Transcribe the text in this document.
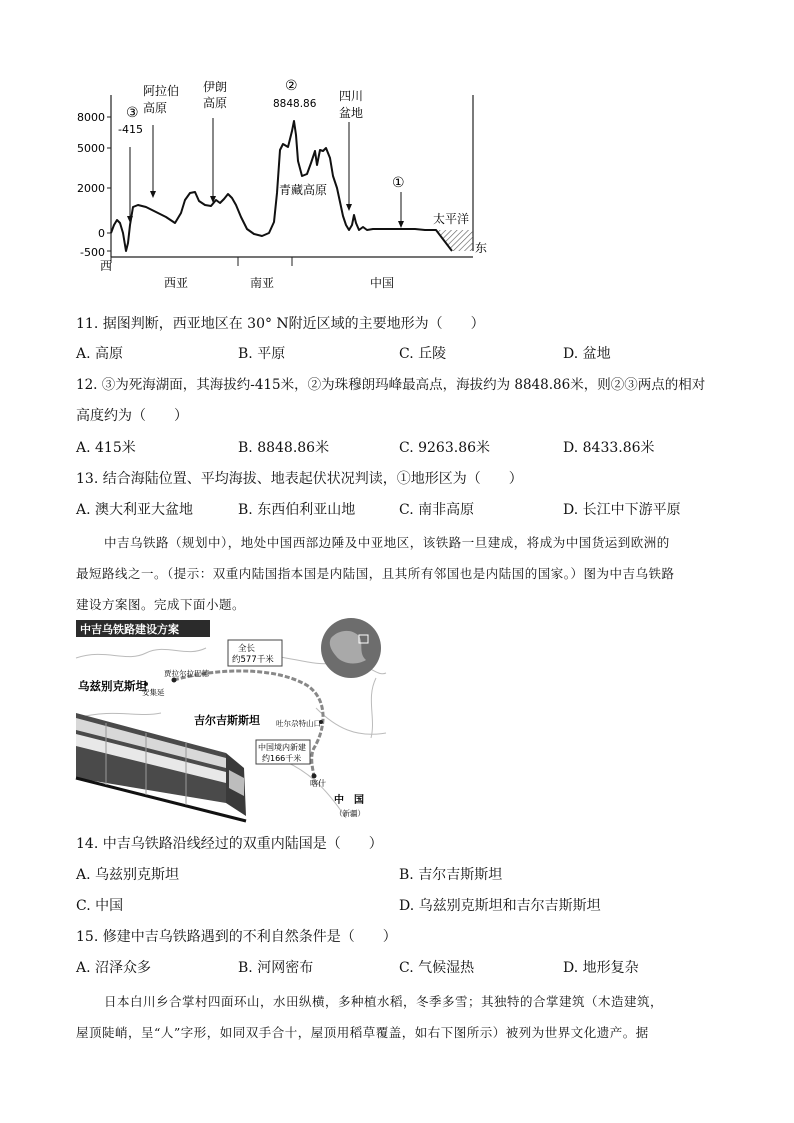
8000
5000
2000
0
-500
西
东
③
-415
阿拉伯
高原
伊朗
高原
②
8848.86
四川
盆地
青藏高原	①
太平洋
西亚	南亚	中国
11. 据图判断，西亚地区在 30° N附近区域的主要地形为（　　）
A. 高原	B. 平原	C. 丘陵	D. 盆地
12. ③为死海湖面，其海拔约-415米，②为珠穆朗玛峰最高点，海拔约为 8848.86米，则②③两点的相对
高度约为（　　）
A. 415米	B. 8848.86米	C. 9263.86米	D. 8433.86米
13. 结合海陆位置、平均海拔、地表起伏状况判读，①地形区为（　　）
A. 澳大利亚大盆地	B. 东西伯利亚山地	C. 南非高原	D. 长江中下游平原
中吉乌铁路（规划中），地处中国西部边陲及中亚地区，该铁路一旦建成，将成为中国货运到欧洲的
最短路线之一。（提示：双重内陆国指本国是内陆国，且其所有邻国也是内陆国的国家。）图为中吉乌铁路
建设方案图。完成下面小题。
中吉乌铁路建设方案
全长
约577千米
贾拉尔拉巴德
安集延
吐尔尕特山口
喀什
中国境内新建
约166千米
乌兹别克斯坦
吉尔吉斯斯坦
中　国
（新疆）
14. 中吉乌铁路沿线经过的双重内陆国是（　　）
A. 乌兹别克斯坦	B. 吉尔吉斯斯坦
C. 中国	D. 乌兹别克斯坦和吉尔吉斯斯坦
15. 修建中吉乌铁路遇到的不利自然条件是（　　）
A. 沼泽众多	B. 河网密布	C. 气候湿热	D. 地形复杂
日本白川乡合掌村四面环山，水田纵横，多种植水稻，冬季多雪；其独特的合掌建筑（木造建筑，
屋顶陡峭，呈“人”字形，如同双手合十，屋顶用稻草覆盖，如右下图所示）被列为世界文化遗产。据
